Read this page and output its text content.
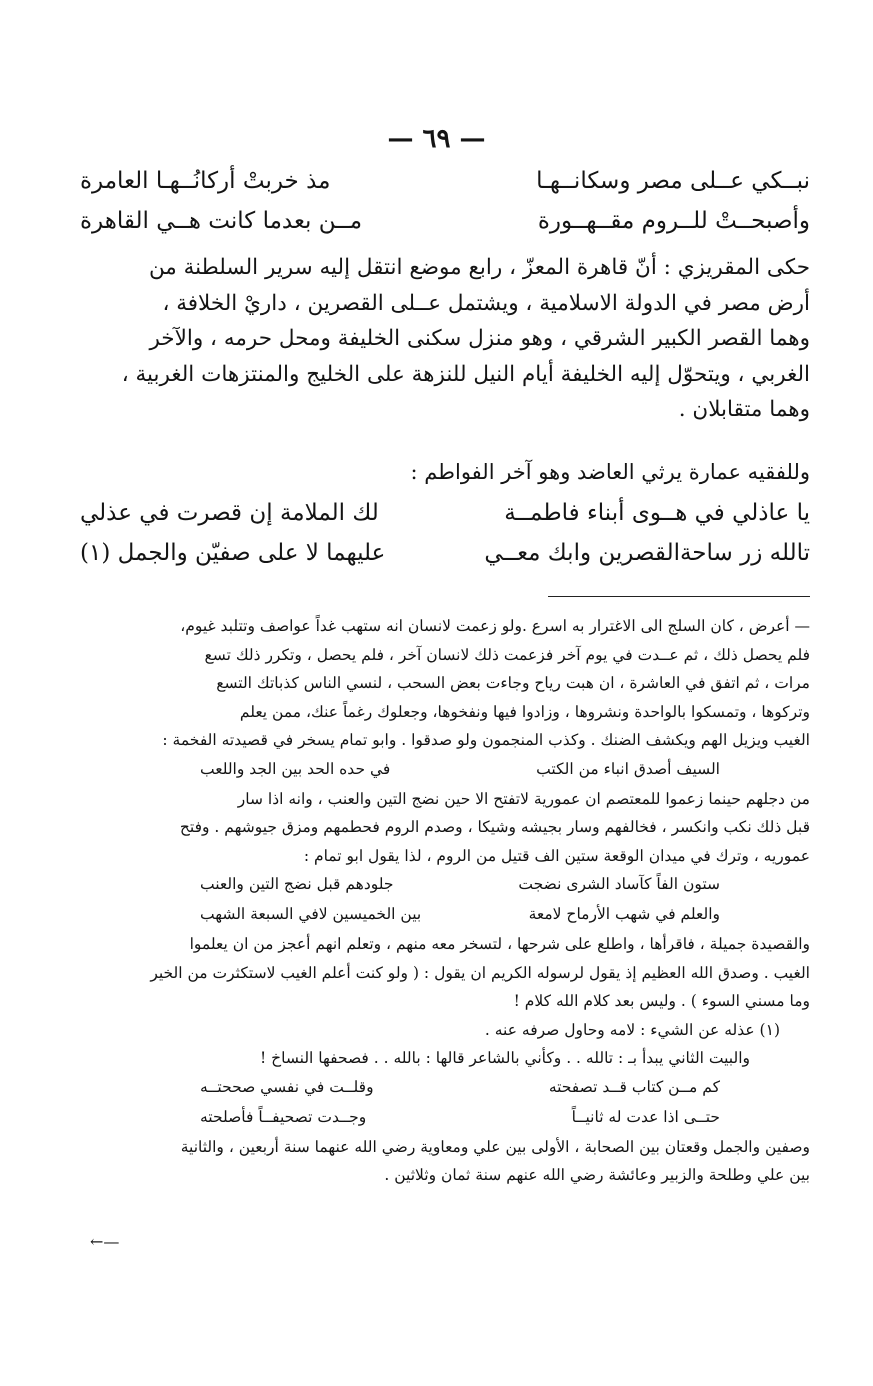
— ٦٩ —
نبــكي عــلى مصر وسكانــهـا
مذ خربتْ أركانُــهـا العامرة
وأصبحــتْ للــروم مقــهــورة
مــن بعدما كانت هــي القاهرة
حكى المقريزي : أنّ قاهرة المعزّ ، رابع موضع انتقل إليه سرير السلطنة من
أرض مصر في الدولة الاسلامية ، ويشتمل عــلى القصرين ، داريْ الخلافة ،
وهما القصر الكبير الشرقي ، وهو منزل سكنى الخليفة ومحل حرمه ، والآخر
الغربي ، ويتحوّل إليه الخليفة أيام النيل للنزهة على الخليج والمنتزهات الغربية ،
وهما متقابلان .
وللفقيه عمارة يرثي العاضد وهو آخر الفواطم :
يا عاذلي في هــوى أبناء فاطمــة
لك الملامة إن قصرت في عذلي
تالله زر ساحةالقصرين وابك معــي
عليهما لا على صفيّن والجمل (١)
— أعرض ، كان السلج الى الاغترار به اسرع .ولو زعمت لانسان انه ستهب غداً عواصف وتتلبد غيوم،
فلم يحصل ذلك ، ثم عــدت في يوم آخر فزعمت ذلك لانسان آخر ، فلم يحصل ، وتكرر ذلك تسع
مرات ، ثم اتفق في العاشرة ، ان هبت رياح وجاءت بعض السحب ، لنسي الناس كذباتك التسع
وتركوها ، وتمسكوا بالواحدة ونشروها ، وزادوا فيها ونفخوها، وجعلوك رغماً عنك، ممن يعلم
الغيب ويزيل الهم ويكشف الضنك . وكذب المنجمون ولو صدقوا . وابو تمام يسخر في قصيدته الفخمة :
السيف أصدق انباء من الكتب
في حده الحد بين الجد واللعب
من دجلهم حينما زعموا للمعتصم ان عمورية لاتفتح الا حين نضج التين والعنب ، وانه اذا سار
قبل ذلك نكب وانكسر ، فخالفهم وسار بجيشه وشيكا ، وصدم الروم فحطمهم ومزق جيوشهم . وفتح
عموريه ، وترك في ميدان الوقعة ستين الف قتيل من الروم ، لذا يقول ابو تمام :
ستون الفاً كآساد الشرى نضجت
جلودهم قبل نضج التين والعنب
والعلم في شهب الأرماح لامعة
بين الخميسين لافي السبعة الشهب
والقصيدة جميلة ، فاقرأها ، واطلع على شرحها ، لتسخر معه منهم ، وتعلم انهم أعجز من ان يعلموا
الغيب . وصدق الله العظيم إذ يقول لرسوله الكريم ان يقول : ( ولو كنت أعلم الغيب لاستكثرت من الخير
وما مسني السوء ) . وليس بعد كلام الله كلام !
(١) عذله عن الشيء : لامه وحاول صرفه عنه .
والبيت الثاني يبدأ بـ : تالله . . وكأني بالشاعر قالها : بالله . . فصحفها النساخ !
كم مــن كتاب قــد تصفحته
وقلــت في نفسي صححتــه
حتــى اذا عدت له ثانيــاً
وجــدت تصحيفــاً فأصلحته
وصفين والجمل وقعتان بين الصحابة ، الأولى بين علي ومعاوية رضي الله عنهما سنة أربعين ، والثانية
بين علي وطلحة والزبير وعائشة رضي الله عنهم سنة ثمان وثلاثين .
←—
